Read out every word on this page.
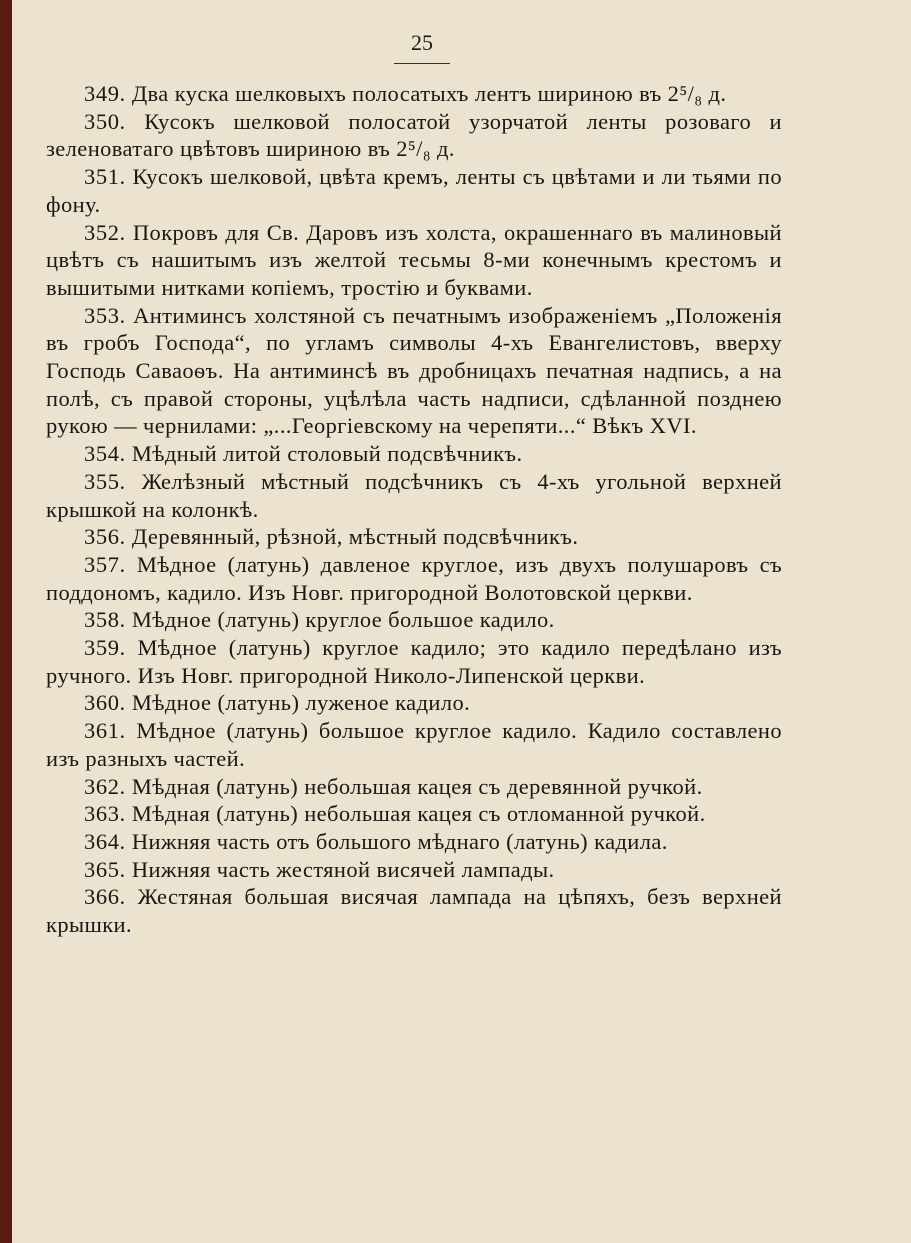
25

349. Два куска шелковыхъ полосатыхъ лентъ шириною въ 2⁵/₈ д.

350. Кусокъ шелковой полосатой узорчатой ленты розоваго и зеленоватаго цвѣтовъ шириною въ 2⁵/₈ д.

351. Кусокъ шелковой, цвѣта кремъ, ленты съ цвѣтами и ли тьями по фону.

352. Покровъ для Св. Даровъ изъ холста, окрашеннаго въ малиновый цвѣтъ съ нашитымъ изъ желтой тесьмы 8-ми конечнымъ крестомъ и вышитыми нитками копіемъ, тростію и буквами.

353. Антиминсъ холстяной съ печатнымъ изображеніемъ „Положенія въ гробъ Господа“, по угламъ символы 4-хъ Евангелистовъ, вверху Господь Саваоѳъ. На антиминсѣ въ дробницахъ печатная надпись, а на полѣ, съ правой стороны, уцѣлѣла часть надписи, сдѣланной позднею рукою — чернилами: „...Георгіевскому на черепяти...“ Вѣкъ XVI.

354. Мѣдный литой столовый подсвѣчникъ.

355. Желѣзный мѣстный подсѣчникъ съ 4-хъ угольной верхней крышкой на колонкѣ.

356. Деревянный, рѣзной, мѣстный подсвѣчникъ.

357. Мѣдное (латунь) давленое круглое, изъ двухъ полушаровъ съ поддономъ, кадило. Изъ Новг. пригородной Волотовской церкви.

358. Мѣдное (латунь) круглое большое кадило.

359. Мѣдное (латунь) круглое кадило; это кадило передѣлано изъ ручного. Изъ Новг. пригородной Николо-Липенской церкви.

360. Мѣдное (латунь) луженое кадило.

361. Мѣдное (латунь) большое круглое кадило. Кадило составлено изъ разныхъ частей.

362. Мѣдная (латунь) небольшая кацея съ деревянной ручкой.

363. Мѣдная (латунь) небольшая кацея съ отломанной ручкой.

364. Нижняя часть отъ большого мѣднаго (латунь) кадила.

365. Нижняя часть жестяной висячей лампады.

366. Жестяная большая висячая лампада на цѣпяхъ, безъ верхней крышки.
